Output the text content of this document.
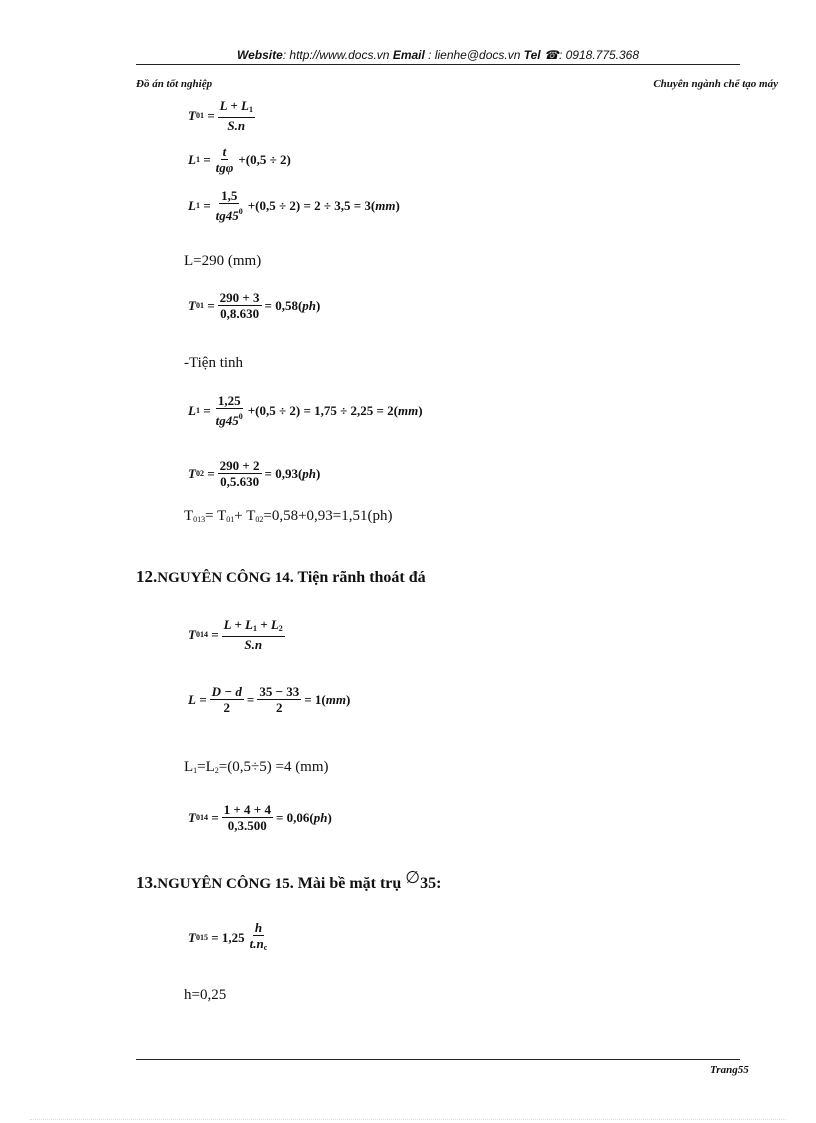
Website: http://www.docs.vn Email : lienhe@docs.vn Tel ☎: 0918.775.368
Đồ án tốt nghiệp	Chuyên ngành chế tạo máy
T $01 = \frac{L + L_1}{S.n}$
L $1 = \frac{t}{\text{tgφ}} +(0,5 \div 2)$
L $1 = \frac{1,5}{tg45^0} +(0,5 \div 2) = 2 \div 3,5 = 3$( mm )
L=290 (mm)
T $01 = \frac{290 + 3}{0,8.630} = 0,58$( ph )
-Tiện tinh
L $1 = \frac{1,25}{tg45^0} +(0,5 \div 2) = 1,75 \div 2,25 = 2$( mm )
T $02 = \frac{290 + 2}{0,5.630} = 0,93$( ph )
$T_{013}= T_{01}+ T_{02}=0,58+0,93=1,51(ph)$
12.NGUYÊN CÔNG 14. Tiện rãnh thoát đá
T $014 = \frac{L + L_1 + L_2}{S.n}$
$L = \frac{D - d}{2} = \frac{35 - 33}{2} = 1$( mm )
$L_1=L_2=(0,5\div 5) =4$ (mm)
T $014 = \frac{1 + 4 + 4}{0,3.500} = 0,06$( ph )
13.NGUYÊN CÔNG 15. Mài bề mặt trụ ∅35:
T 015
= $1,25 \frac{h}{t.n_c}$
h=0,25
Trang55
